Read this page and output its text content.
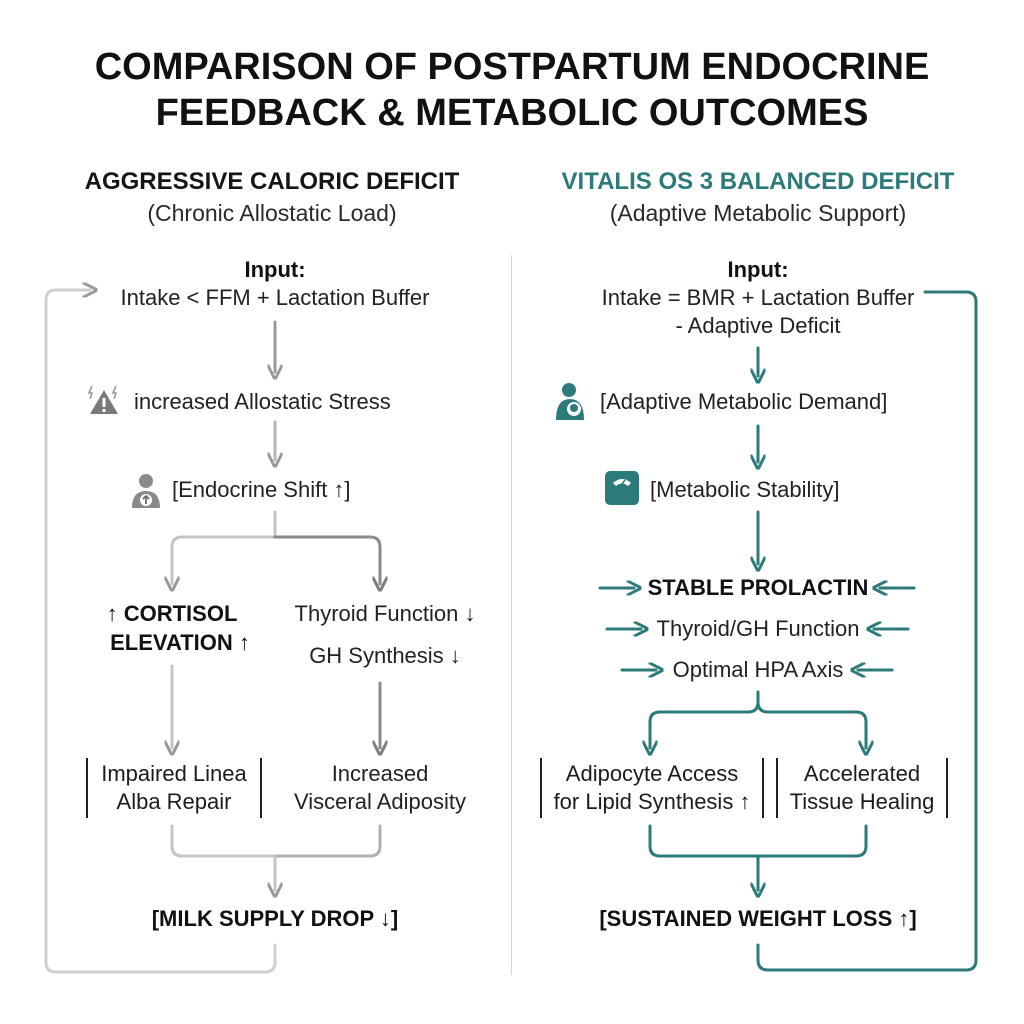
COMPARISON OF POSTPARTUM ENDOCRINE
FEEDBACK & METABOLIC OUTCOMES
AGGRESSIVE CALORIC DEFICIT
(Chronic Allostatic Load)
Input:
Intake < FFM + Lactation Buffer
increased Allostatic Stress
[Endocrine Shift ↑]
↑ CORTISOL
ELEVATION ↑
Thyroid Function ↓
GH Synthesis ↓
Impaired Linea
Alba Repair
Increased
Visceral Adiposity
[MILK SUPPLY DROP ↓]
VITALIS OS 3 BALANCED DEFICIT
(Adaptive Metabolic Support)
Input:
Intake = BMR + Lactation Buffer
- Adaptive Deficit
[Adaptive Metabolic Demand]
[Metabolic Stability]
STABLE PROLACTIN
Thyroid/GH Function
Optimal HPA Axis
Adipocyte Access
for Lipid Synthesis ↑
Accelerated
Tissue Healing
[SUSTAINED WEIGHT LOSS ↑]
